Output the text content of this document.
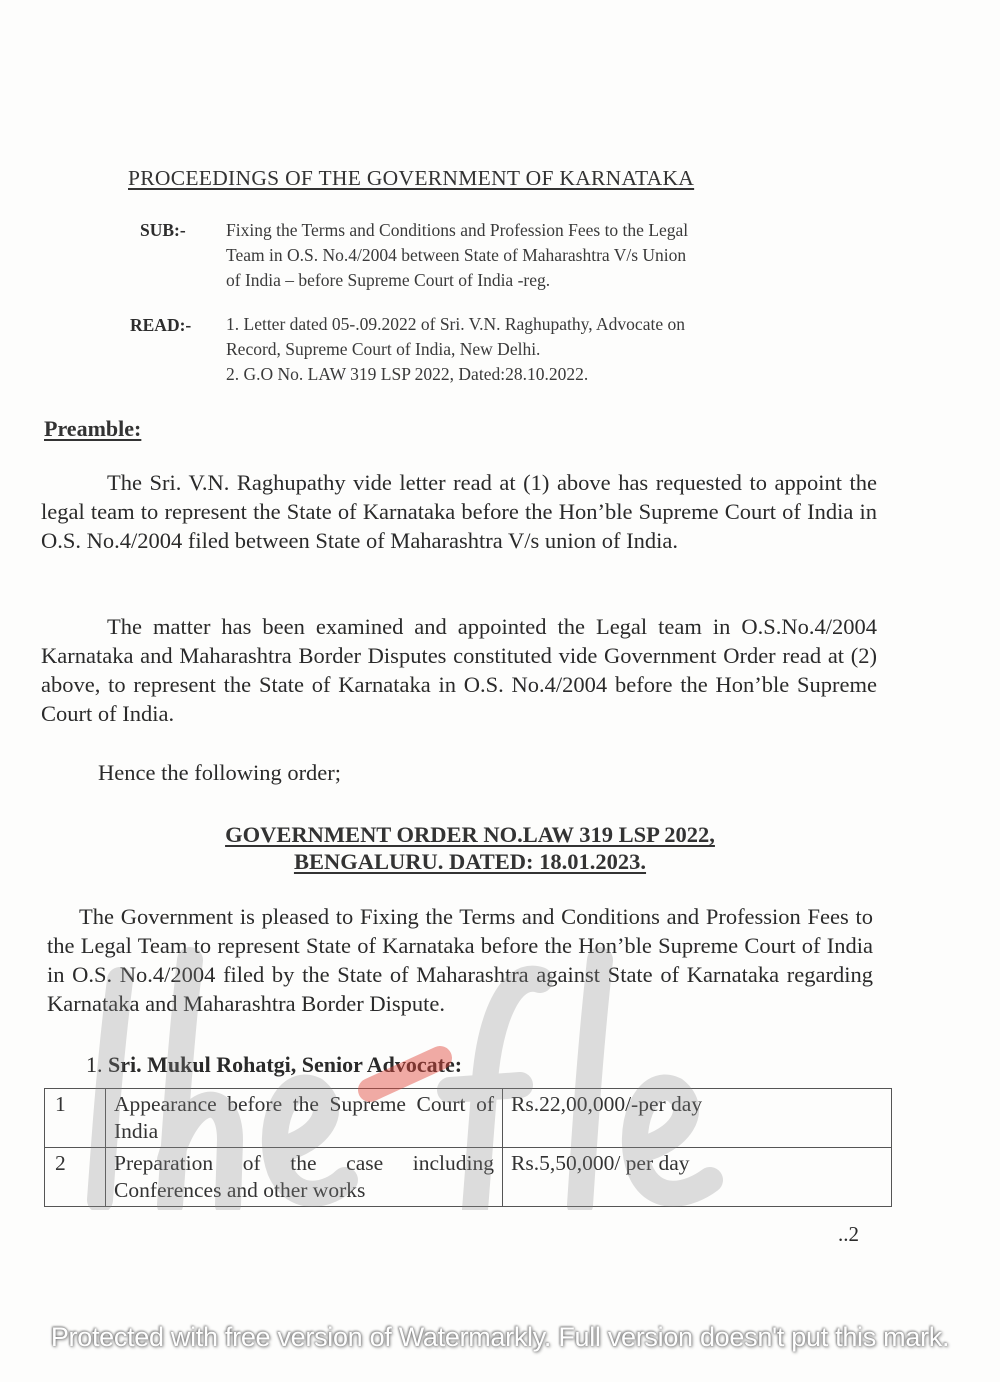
PROCEEDINGS OF THE GOVERNMENT OF KARNATAKA
SUB:- Fixing the Terms and Conditions and Profession Fees to the Legal
Team in O.S. No.4/2004 between State of Maharashtra V/s Union
of India – before Supreme Court of India -reg.
READ:- 1. Letter dated 05-.09.2022 of Sri. V.N. Raghupathy, Advocate on
Record, Supreme Court of India, New Delhi.
2. G.O No. LAW 319 LSP 2022, Dated:28.10.2022.
Preamble:
The Sri. V.N. Raghupathy vide letter read at (1) above has requested to appoint the legal team to represent the State of Karnataka before the Hon’ble Supreme Court of India in O.S. No.4/2004 filed between State of Maharashtra V/s union of India.
The matter has been examined and appointed the Legal team in O.S.No.4/2004 Karnataka and Maharashtra Border Disputes constituted vide Government Order read at (2) above, to represent the State of Karnataka in O.S. No.4/2004 before the Hon’ble Supreme Court of India.
Hence the following order;
GOVERNMENT ORDER NO.LAW 319 LSP 2022,
BENGALURU. DATED: 18.01.2023.
The Government is pleased to Fixing the Terms and Conditions and Profession Fees to the Legal Team to represent State of Karnataka before the Hon’ble Supreme Court of India in O.S. No.4/2004 filed by the State of Maharashtra against State of Karnataka regarding Karnataka and Maharashtra Border Dispute.
1. Sri. Mukul Rohatgi, Senior Advocate:
1	Appearance before the Supreme Court of India	Rs.22,00,000/-per day
2	Preparation of the case including Conferences and other works	Rs.5,50,000/ per day
..2
Protected with free version of Watermarkly. Full version doesn't put this mark.
